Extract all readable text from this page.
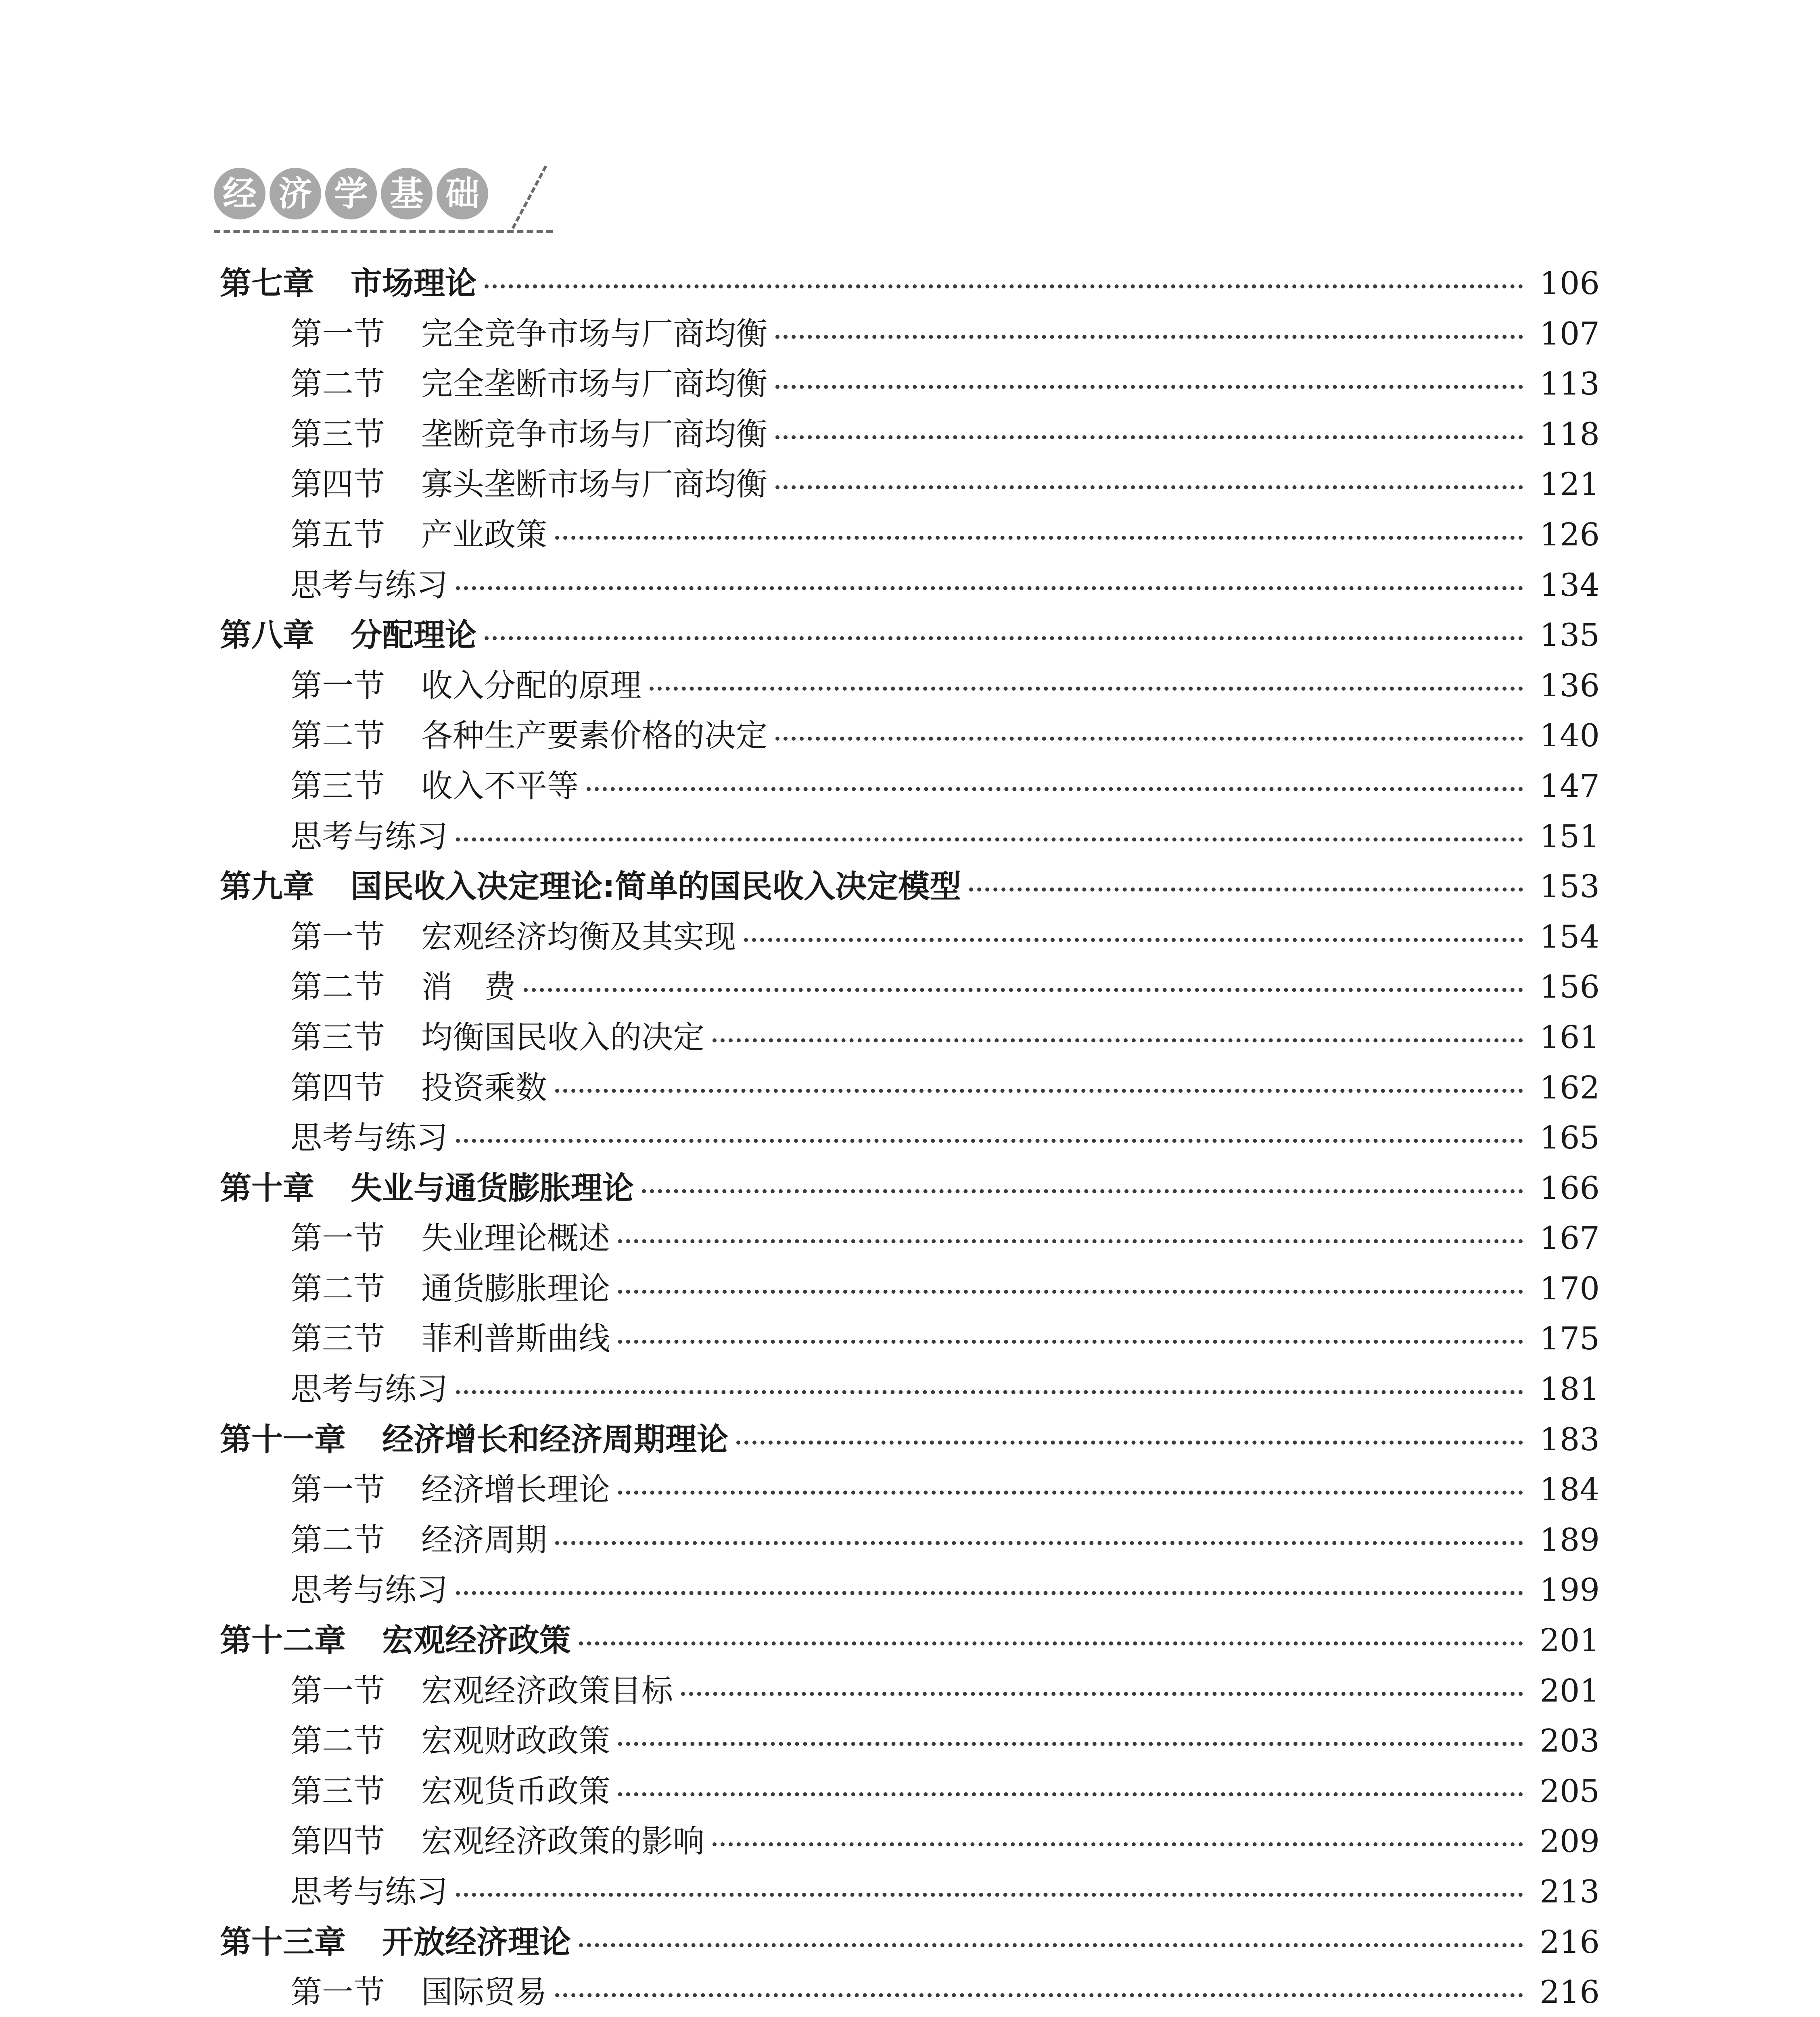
经 济 学 基 础
第七章 市场理论	106
第一节 完全竞争市场与厂商均衡	107
第二节 完全垄断市场与厂商均衡	113
第三节 垄断竞争市场与厂商均衡	118
第四节 寡头垄断市场与厂商均衡	121
第五节 产业政策	126
思考与练习	134
第八章 分配理论	135
第一节 收入分配的原理	136
第二节 各种生产要素价格的决定	140
第三节 收入不平等	147
思考与练习	151
第九章 国民收入决定理论:简单的国民收入决定模型	153
第一节 宏观经济均衡及其实现	154
第二节 消　费	156
第三节 均衡国民收入的决定	161
第四节 投资乘数	162
思考与练习	165
第十章 失业与通货膨胀理论	166
第一节 失业理论概述	167
第二节 通货膨胀理论	170
第三节 菲利普斯曲线	175
思考与练习	181
第十一章 经济增长和经济周期理论	183
第一节 经济增长理论	184
第二节 经济周期	189
思考与练习	199
第十二章 宏观经济政策	201
第一节 宏观经济政策目标	201
第二节 宏观财政政策	203
第三节 宏观货币政策	205
第四节 宏观经济政策的影响	209
思考与练习	213
第十三章 开放经济理论	216
第一节 国际贸易	216
